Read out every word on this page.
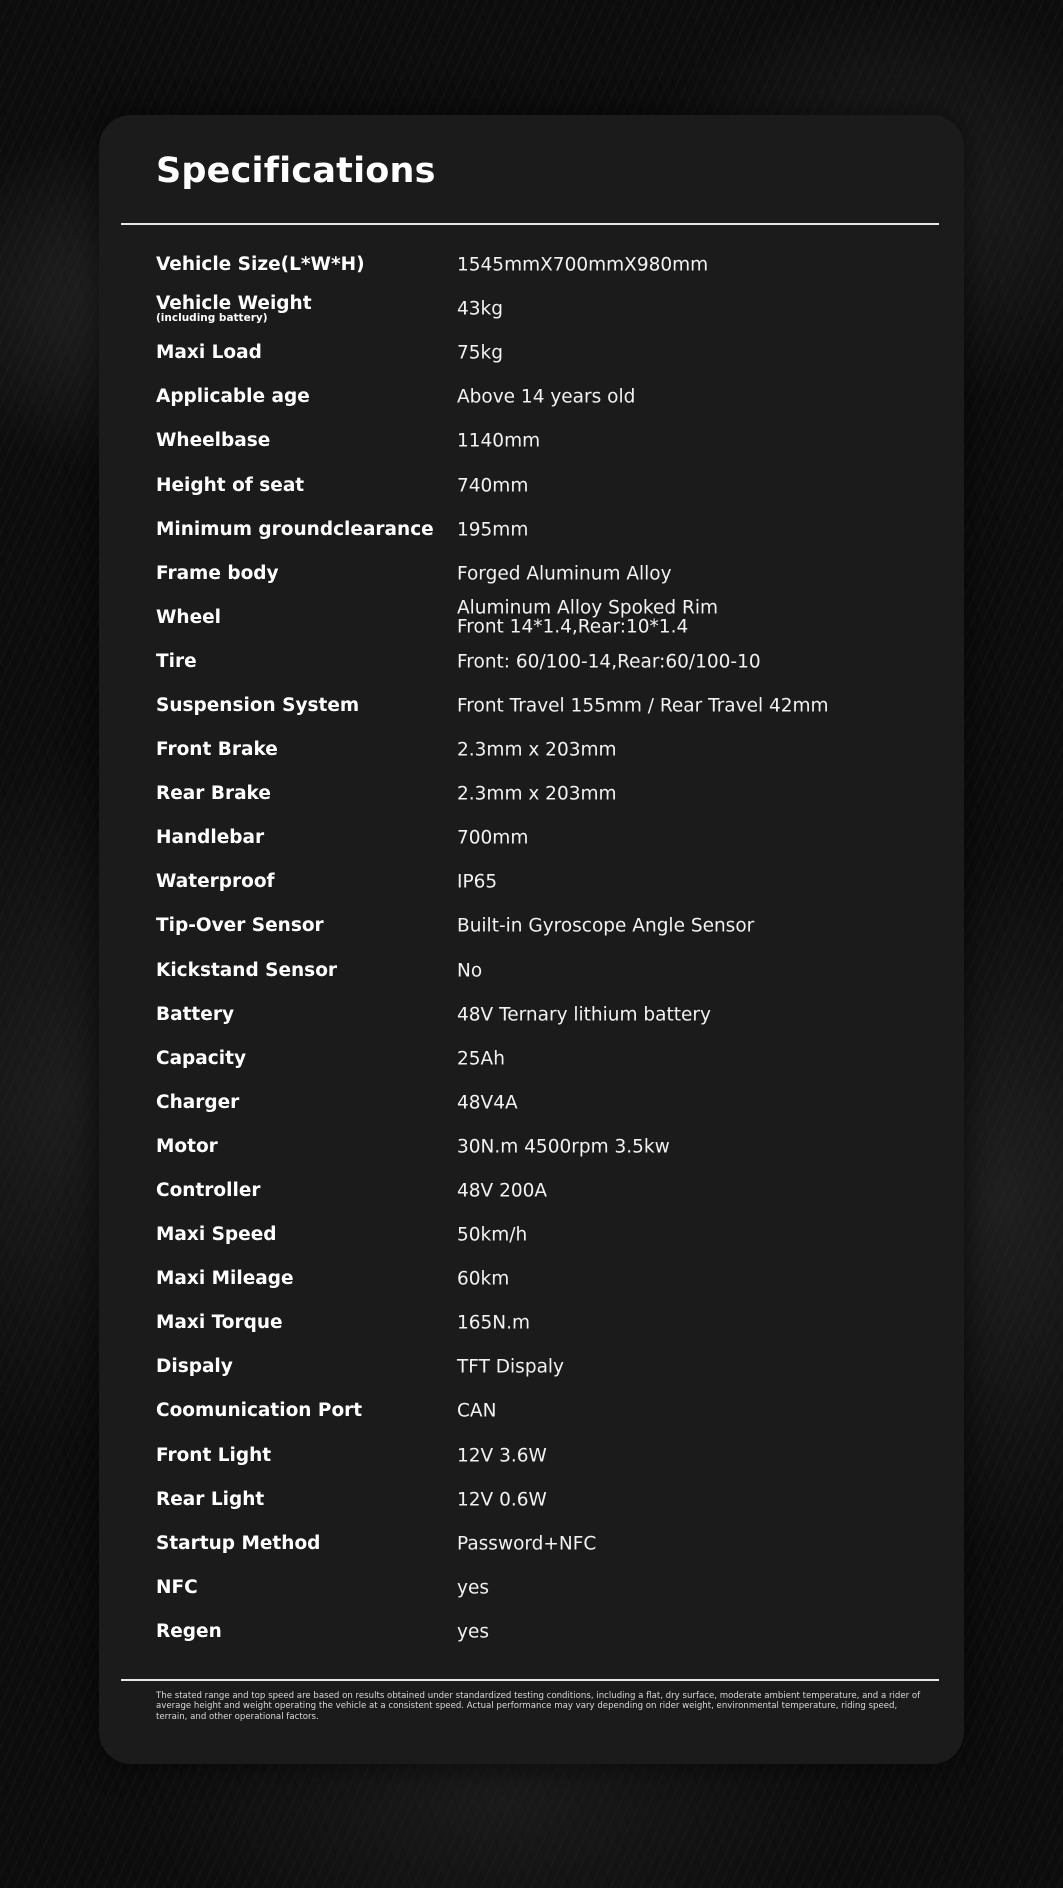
Specifications
Vehicle Size(L*W*H)	1545mmX700mmX980mm
Vehicle Weight
(including battery)	43kg
Maxi Load	75kg
Applicable age	Above 14 years old
Wheelbase	1140mm
Height of seat	740mm
Minimum groundclearance 195mm
Frame body	Forged Aluminum Alloy
Wheel	Aluminum Alloy Spoked Rim
Front 14*1.4,Rear:10*1.4
Tire	Front: 60/100-14,Rear:60/100-10
Suspension System	Front Travel 155mm / Rear Travel 42mm
Front Brake	2.3mm x 203mm
Rear Brake	2.3mm x 203mm
Handlebar	700mm
Waterproof	IP65
Tip-Over Sensor	Built-in Gyroscope Angle Sensor
Kickstand Sensor	No
Battery	48V Ternary lithium battery
Capacity	25Ah
Charger	48V4A
Motor	30N.m 4500rpm 3.5kw
Controller	48V 200A
Maxi Speed	50km/h
Maxi Mileage	60km
Maxi Torque	165N.m
Dispaly	TFT Dispaly
Coomunication Port	CAN
Front Light	12V 3.6W
Rear Light	12V 0.6W
Startup Method	Password+NFC
NFC	yes
Regen	yes

The stated range and top speed are based on results obtained under standardized testing conditions, including a flat, dry surface, moderate ambient temperature, and a rider of average height and weight operating the vehicle at a consistent speed. Actual performance may vary depending on rider weight, environmental temperature, riding speed, terrain, and other operational factors.
